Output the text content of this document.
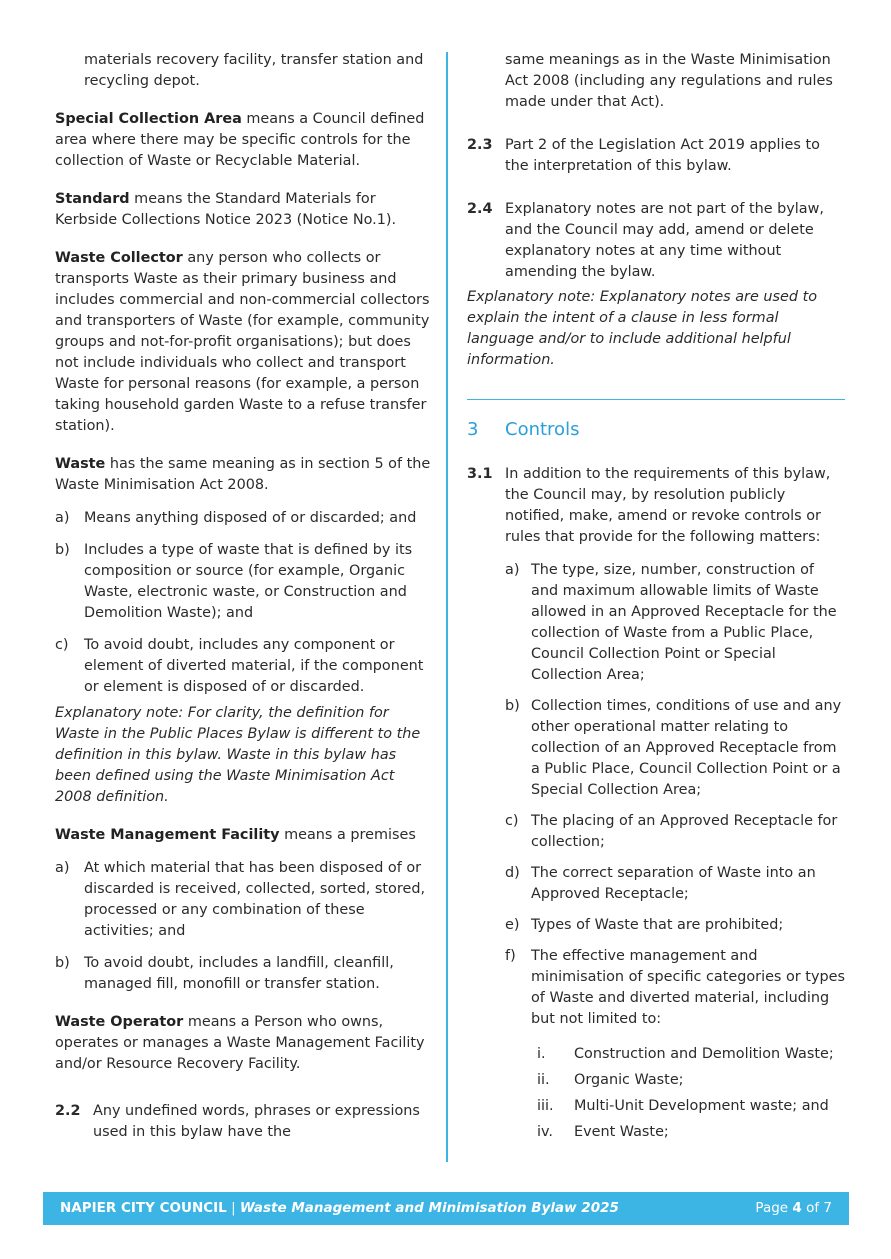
materials recovery facility, transfer station and recycling depot.

Special Collection Area means a Council defined area where there may be specific controls for the collection of Waste or Recyclable Material.

Standard means the Standard Materials for Kerbside Collections Notice 2023 (Notice No.1).

Waste Collector any person who collects or transports Waste as their primary business and includes commercial and non-commercial collectors and transporters of Waste (for example, community groups and not-for-profit organisations); but does not include individuals who collect and transport Waste for personal reasons (for example, a person taking household garden Waste to a refuse transfer station).

Waste has the same meaning as in section 5 of the Waste Minimisation Act 2008.

a) Means anything disposed of or discarded; and
b) Includes a type of waste that is defined by its composition or source (for example, Organic Waste, electronic waste, or Construction and Demolition Waste); and
c) To avoid doubt, includes any component or element of diverted material, if the component or element is disposed of or discarded.

Explanatory note: For clarity, the definition for Waste in the Public Places Bylaw is different to the definition in this bylaw. Waste in this bylaw has been defined using the Waste Minimisation Act 2008 definition.

Waste Management Facility means a premises

a) At which material that has been disposed of or discarded is received, collected, sorted, stored, processed or any combination of these activities; and
b) To avoid doubt, includes a landfill, cleanfill, managed fill, monofill or transfer station.

Waste Operator means a Person who owns, operates or manages a Waste Management Facility and/or Resource Recovery Facility.

2.2 Any undefined words, phrases or expressions used in this bylaw have the

same meanings as in the Waste Minimisation Act 2008 (including any regulations and rules made under that Act).

2.3 Part 2 of the Legislation Act 2019 applies to the interpretation of this bylaw.
2.4 Explanatory notes are not part of the bylaw, and the Council may add, amend or delete explanatory notes at any time without amending the bylaw.

Explanatory note: Explanatory notes are used to explain the intent of a clause in less formal language and/or to include additional helpful information.

3 Controls
3.1 In addition to the requirements of this bylaw, the Council may, by resolution publicly notified, make, amend or revoke controls or rules that provide for the following matters:
a) The type, size, number, construction of and maximum allowable limits of Waste allowed in an Approved Receptacle for the collection of Waste from a Public Place, Council Collection Point or Special Collection Area;
b) Collection times, conditions of use and any other operational matter relating to collection of an Approved Receptacle from a Public Place, Council Collection Point or a Special Collection Area;
c) The placing of an Approved Receptacle for collection;
d) The correct separation of Waste into an Approved Receptacle;
e) Types of Waste that are prohibited;
f) The effective management and minimisation of specific categories or types of Waste and diverted material, including but not limited to:
i. Construction and Demolition Waste;
ii. Organic Waste;
iii. Multi-Unit Development waste; and
iv. Event Waste;
NAPIER CITY COUNCIL | Waste Management and Minimisation Bylaw 2025	Page 4 of 7
